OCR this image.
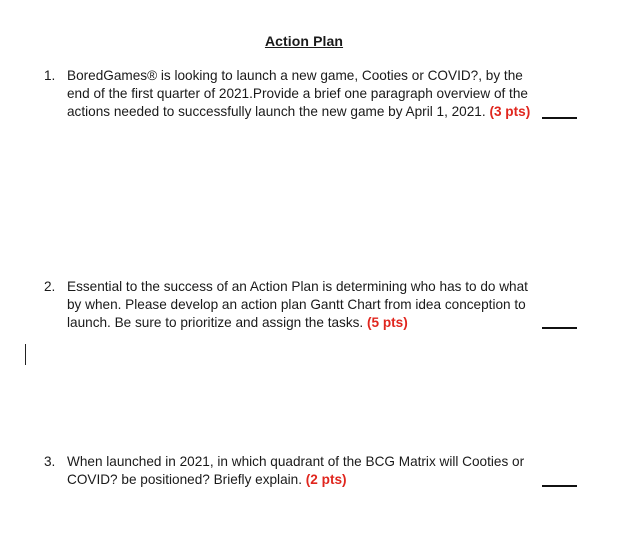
Action Plan
1. BoredGames® is looking to launch a new game, Cooties or COVID?, by the end of the first quarter of 2021.Provide a brief one paragraph overview of the actions needed to successfully launch the new game by April 1, 2021. (3 pts)
2. Essential to the success of an Action Plan is determining who has to do what by when. Please develop an action plan Gantt Chart from idea conception to launch. Be sure to prioritize and assign the tasks. (5 pts)
3. When launched in 2021, in which quadrant of the BCG Matrix will Cooties or COVID? be positioned? Briefly explain. (2 pts)
